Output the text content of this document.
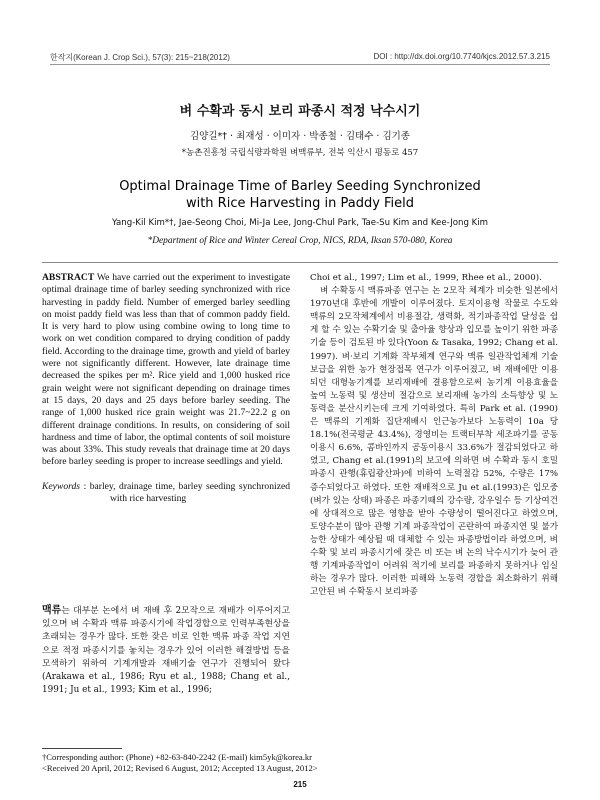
한작지(Korean J. Crop Sci.), 57(3): 215~218(2012)	DOI : http://dx.doi.org/10.7740/kjcs.2012.57.3.215
벼 수확과 동시 보리 파종시 적정 낙수시기
김양길*† · 최재성 · 이미자 · 박종철 · 김태수 · 김기종
*농촌진흥청 국립식량과학원 벼맥류부, 전북 익산시 평동로 457
Optimal Drainage Time of Barley Seeding Synchronized
with Rice Harvesting in Paddy Field
Yang-Kil Kim*†, Jae-Seong Choi, Mi-Ja Lee, Jong-Chul Park, Tae-Su Kim and Kee-Jong Kim
*Department of Rice and Winter Cereal Crop, NICS, RDA, Iksan 570-080, Korea

ABSTRACT We have carried out the experiment to investigate optimal drainage time of barley seeding synchronized with rice harvesting in paddy field. Number of emerged barley seedling on moist paddy field was less than that of common paddy field. It is very hard to plow using combine owing to long time to work on wet condition compared to drying condition of paddy field. According to the drainage time, growth and yield of barley were not significantly different. However, late drainage time decreased the spikes per m². Rice yield and 1,000 husked rice grain weight were not significant depending on drainage times at 15 days, 20 days and 25 days before barley seeding. The range of 1,000 husked rice grain weight was 21.7~22.2 g on different drainage conditions. In results, on considering of soil hardness and time of labor, the optimal contents of soil moisture was about 33%. This study reveals that drainage time at 20 days before barley seeding is proper to increase seedlings and yield.

Keywords : barley, drainage time, barley seeding synchronized with rice harvesting

맥류는 대부분 논에서 벼 재배 후 2모작으로 재배가 이루어지고 있으며 벼 수확과 맥류 파종시기에 작업경합으로 인력부족현상을 초래되는 경우가 많다. 또한 잦은 비로 인한 맥류 파종 작업 지연으로 적정 파종시기를 놓치는 경우가 있어 이러한 해결방법 등을 모색하기 위하여 기계개발과 재배기술 연구가 진행되어 왔다(Arakawa et al., 1986; Ryu et al., 1988; Chang et al., 1991; Ju et al., 1993; Kim et al., 1996;

Choi et al., 1997; Lim et al., 1999, Rhee et al., 2000).

벼 수확동시 맥류파종 연구는 논 2모작 체계가 비슷한 일본에서 1970년대 후반에 개발이 이루어졌다. 토지이용형 작물로 수도와 맥류의 2모작체계에서 비용절감, 생력화, 적기파종작업 달성을 쉽게 할 수 있는 수확기술 및 출아율 향상과 입모를 높이기 위한 파종기술 등이 검토된 바 있다(Yoon & Tasaka, 1992; Chang et al. 1997). 벼·보리 기계화 작부체계 연구와 맥류 일관작업체계 기술보급을 위한 농가 현장접목 연구가 이루어졌고, 벼 재배에만 이용되던 대형농기계를 보리재배에 결용함으로써 농기계 이용효율을 높여 노동력 및 생산비 절감으로 보리재배 농가의 소득향상 및 노동력을 분산시키는데 크게 기여하였다. 특히 Park et al. (1990)은 맥류의 기계화 집단재배시 인근농가보다 노동력이 10a 당 18.1%(전국평균 43.4%), 경영비는 트랙터부착 세조파기를 공동이용시 6.6%, 콤바인까지 공동이용시 33.6%가 절감되었다고 하였고, Chang et al.(1991)의 보고에 의하면 벼 수확과 동시 호밀파종시 관행(휴립광산파)에 비하여 노력절감 52%, 수량은 17% 증수되었다고 하였다. 또한 재배적으로 Ju et al.(1993)은 입모중(벼가 있는 상태) 파종은 파종기때의 강수량, 강우일수 등 기상여건에 상대적으로 많은 영향을 받아 수량성이 떨어진다고 하였으며, 토양수분이 많아 관행 기계 파종작업이 곤란하여 파종지연 및 불가능한 상태가 예상될 때 대체할 수 있는 파종방법이라 하였으며, 벼 수확 및 보리 파종시기에 잦은 비 또는 벼 논의 낙수시기가 늦어 관행 기계파종작업이 어려워 적기에 보리를 파종하지 못하거나 임실하는 경우가 많다. 이러한 피해와 노동력 경합을 최소화하기 위해 고안된 벼 수확동시 보리파종

†Corresponding author: (Phone) +82-63-840-2242 (E-mail) kim5yk@korea.kr
<Received 20 April, 2012; Revised 6 August, 2012; Accepted 13 August, 2012>
215
